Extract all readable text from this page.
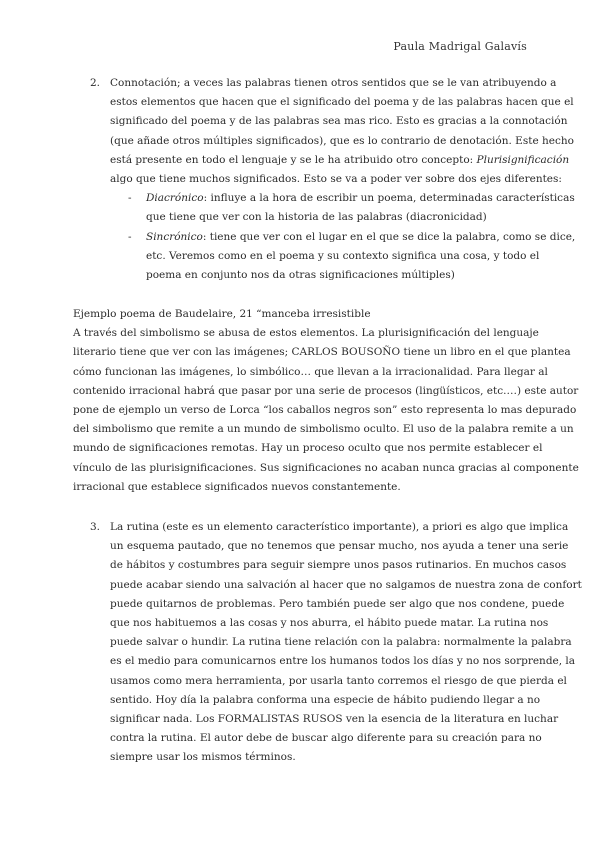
Paula Madrigal Galavís
2. Connotación; a veces las palabras tienen otros sentidos que se le van atribuyendo a
estos elementos que hacen que el significado del poema y de las palabras hacen que el
significado del poema y de las palabras sea mas rico. Esto es gracias a la connotación
(que añade otros múltiples significados), que es lo contrario de denotación. Este hecho
está presente en todo el lenguaje y se le ha atribuido otro concepto: Plurisignificación
algo que tiene muchos significados. Esto se va a poder ver sobre dos ejes diferentes:
- Diacrónico: influye a la hora de escribir un poema, determinadas características
que tiene que ver con la historia de las palabras (diacronicidad)
- Sincrónico: tiene que ver con el lugar en el que se dice la palabra, como se dice,
etc. Veremos como en el poema y su contexto significa una cosa, y todo el
poema en conjunto nos da otras significaciones múltiples)
Ejemplo poema de Baudelaire, 21 “manceba irresistible
A través del simbolismo se abusa de estos elementos. La plurisignificación del lenguaje
literario tiene que ver con las imágenes; CARLOS BOUSOÑO tiene un libro en el que plantea
cómo funcionan las imágenes, lo simbólico… que llevan a la irracionalidad. Para llegar al
contenido irracional habrá que pasar por una serie de procesos (lingüísticos, etc.…) este autor
pone de ejemplo un verso de Lorca “los caballos negros son” esto representa lo mas depurado
del simbolismo que remite a un mundo de simbolismo oculto. El uso de la palabra remite a un
mundo de significaciones remotas. Hay un proceso oculto que nos permite establecer el
vínculo de las plurisignificaciones. Sus significaciones no acaban nunca gracias al componente
irracional que establece significados nuevos constantemente.
3. La rutina (este es un elemento característico importante), a priori es algo que implica
un esquema pautado, que no tenemos que pensar mucho, nos ayuda a tener una serie
de hábitos y costumbres para seguir siempre unos pasos rutinarios. En muchos casos
puede acabar siendo una salvación al hacer que no salgamos de nuestra zona de confort
puede quitarnos de problemas. Pero también puede ser algo que nos condene, puede
que nos habituemos a las cosas y nos aburra, el hábito puede matar. La rutina nos
puede salvar o hundir. La rutina tiene relación con la palabra: normalmente la palabra
es el medio para comunicarnos entre los humanos todos los días y no nos sorprende, la
usamos como mera herramienta, por usarla tanto corremos el riesgo de que pierda el
sentido. Hoy día la palabra conforma una especie de hábito pudiendo llegar a no
significar nada. Los FORMALISTAS RUSOS ven la esencia de la literatura en luchar
contra la rutina. El autor debe de buscar algo diferente para su creación para no
siempre usar los mismos términos.
